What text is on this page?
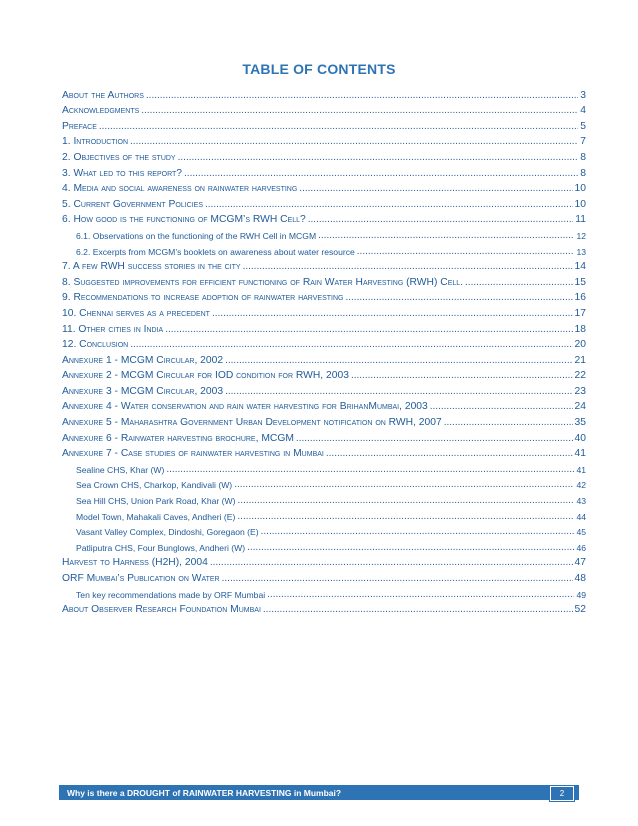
TABLE OF CONTENTS
About the Authors .....	3
Acknowledgments .....	4
Preface .....	5
1. Introduction .....	7
2. Objectives of the study .....	8
3. What led to this report? .....	8
4. Media and social awareness on rainwater harvesting .....	10
5. Current Government Policies .....	10
6. How good is the functioning of MCGM’s RWH Cell? .....	11
6.1. Observations on the functioning of the RWH Cell in MCGM .....	12
6.2. Excerpts from MCGM’s booklets on awareness about water resource .....	13
7. A few RWH success stories in the city .....	14
8. Suggested improvements for efficient functioning of Rain Water Harvesting (RWH) Cell. .....	15
9. Recommendations to increase adoption of rainwater harvesting .....	16
10. Chennai serves as a precedent .....	17
11. Other cities in India .....	18
12. Conclusion .....	20
Annexure 1 - MCGM Circular, 2002 .....	21
Annexure 2 - MCGM Circular for IOD condition for RWH, 2003 .....	22
Annexure 3 - MCGM Circular, 2003 .....	23
Annexure 4 - Water conservation and rain water harvesting for BrihanMumbai, 2003 .....	24
Annexure 5 - Maharashtra Government Urban Development notification on RWH, 2007 .....	35
Annexure 6 - Rainwater harvesting brochure, MCGM .....	40
Annexure 7 - Case studies of rainwater harvesting in Mumbai .....	41
Sealine CHS, Khar (W) .....	41
Sea Crown CHS, Charkop, Kandivali (W) .....	42
Sea Hill CHS, Union Park Road, Khar (W) .....	43
Model Town, Mahakali Caves, Andheri (E) .....	44
Vasant Valley Complex, Dindoshi, Goregaon (E) .....	45
Patliputra CHS, Four Bunglows, Andheri (W) .....	46
Harvest to Harness (H2H), 2004 .....	47
ORF Mumbai’s Publication on Water .....	48
Ten key recommendations made by ORF Mumbai .....	49
About Observer Research Foundation Mumbai .....	52
Why is there a DROUGHT of RAINWATER HARVESTING in Mumbai?	2
